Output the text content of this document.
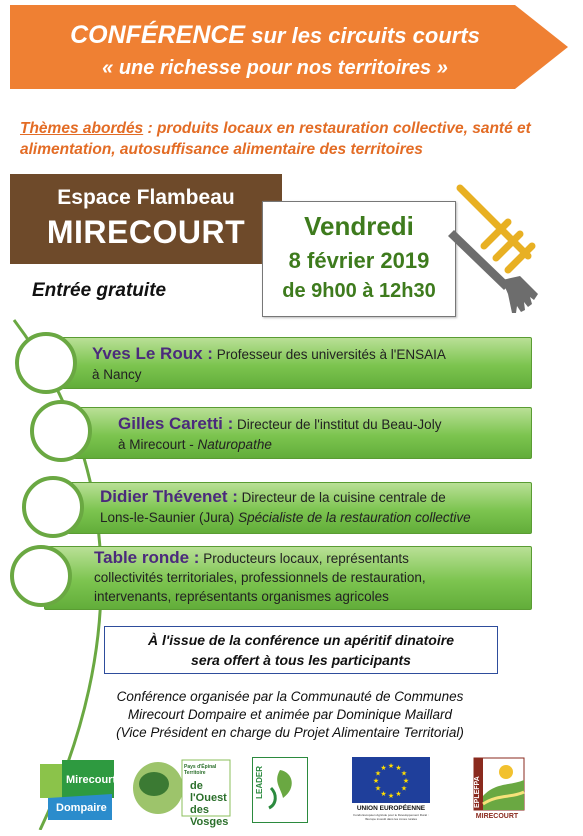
CONFÉRENCE sur les circuits courts
« une richesse pour nos territoires »
Thèmes abordés : produits locaux en restauration collective, santé et alimentation, autosuffisance alimentaire des territoires
Espace Flambeau
MIRECOURT
Entrée gratuite
Vendredi
8 février 2019
de 9h00 à 12h30
Yves Le Roux : Professeur des universités à l'ENSAIA
à Nancy
Gilles Caretti : Directeur de l'institut du Beau-Joly
à Mirecourt - Naturopathe
Didier Thévenet : Directeur de la cuisine centrale de
Lons-le-Saunier (Jura) Spécialiste de la restauration collective
Table ronde : Producteurs locaux, représentants
collectivités territoriales, professionnels de restauration,
intervenants, représentants organismes agricoles
À l'issue de la conférence un apéritif dinatoire
sera offert à tous les participants
Conférence organisée par la Communauté de Communes
Mirecourt Dompaire et animée par Dominique Maillard
(Vice Président en charge du Projet Alimentaire Territorial)
Mirecourt
Dompaire
Pays d'Épinal
Territoire
de l'Ouest
des Vosges
LEADER	★
★
★
★
★
★
★
★
★ ★ ★
★
UNION EUROPÉENNE
Fonds Européen Agricole pour le Développement Rural : l'Europe investit dans les zones rurales
EPLEFPA
MIRECOURT
